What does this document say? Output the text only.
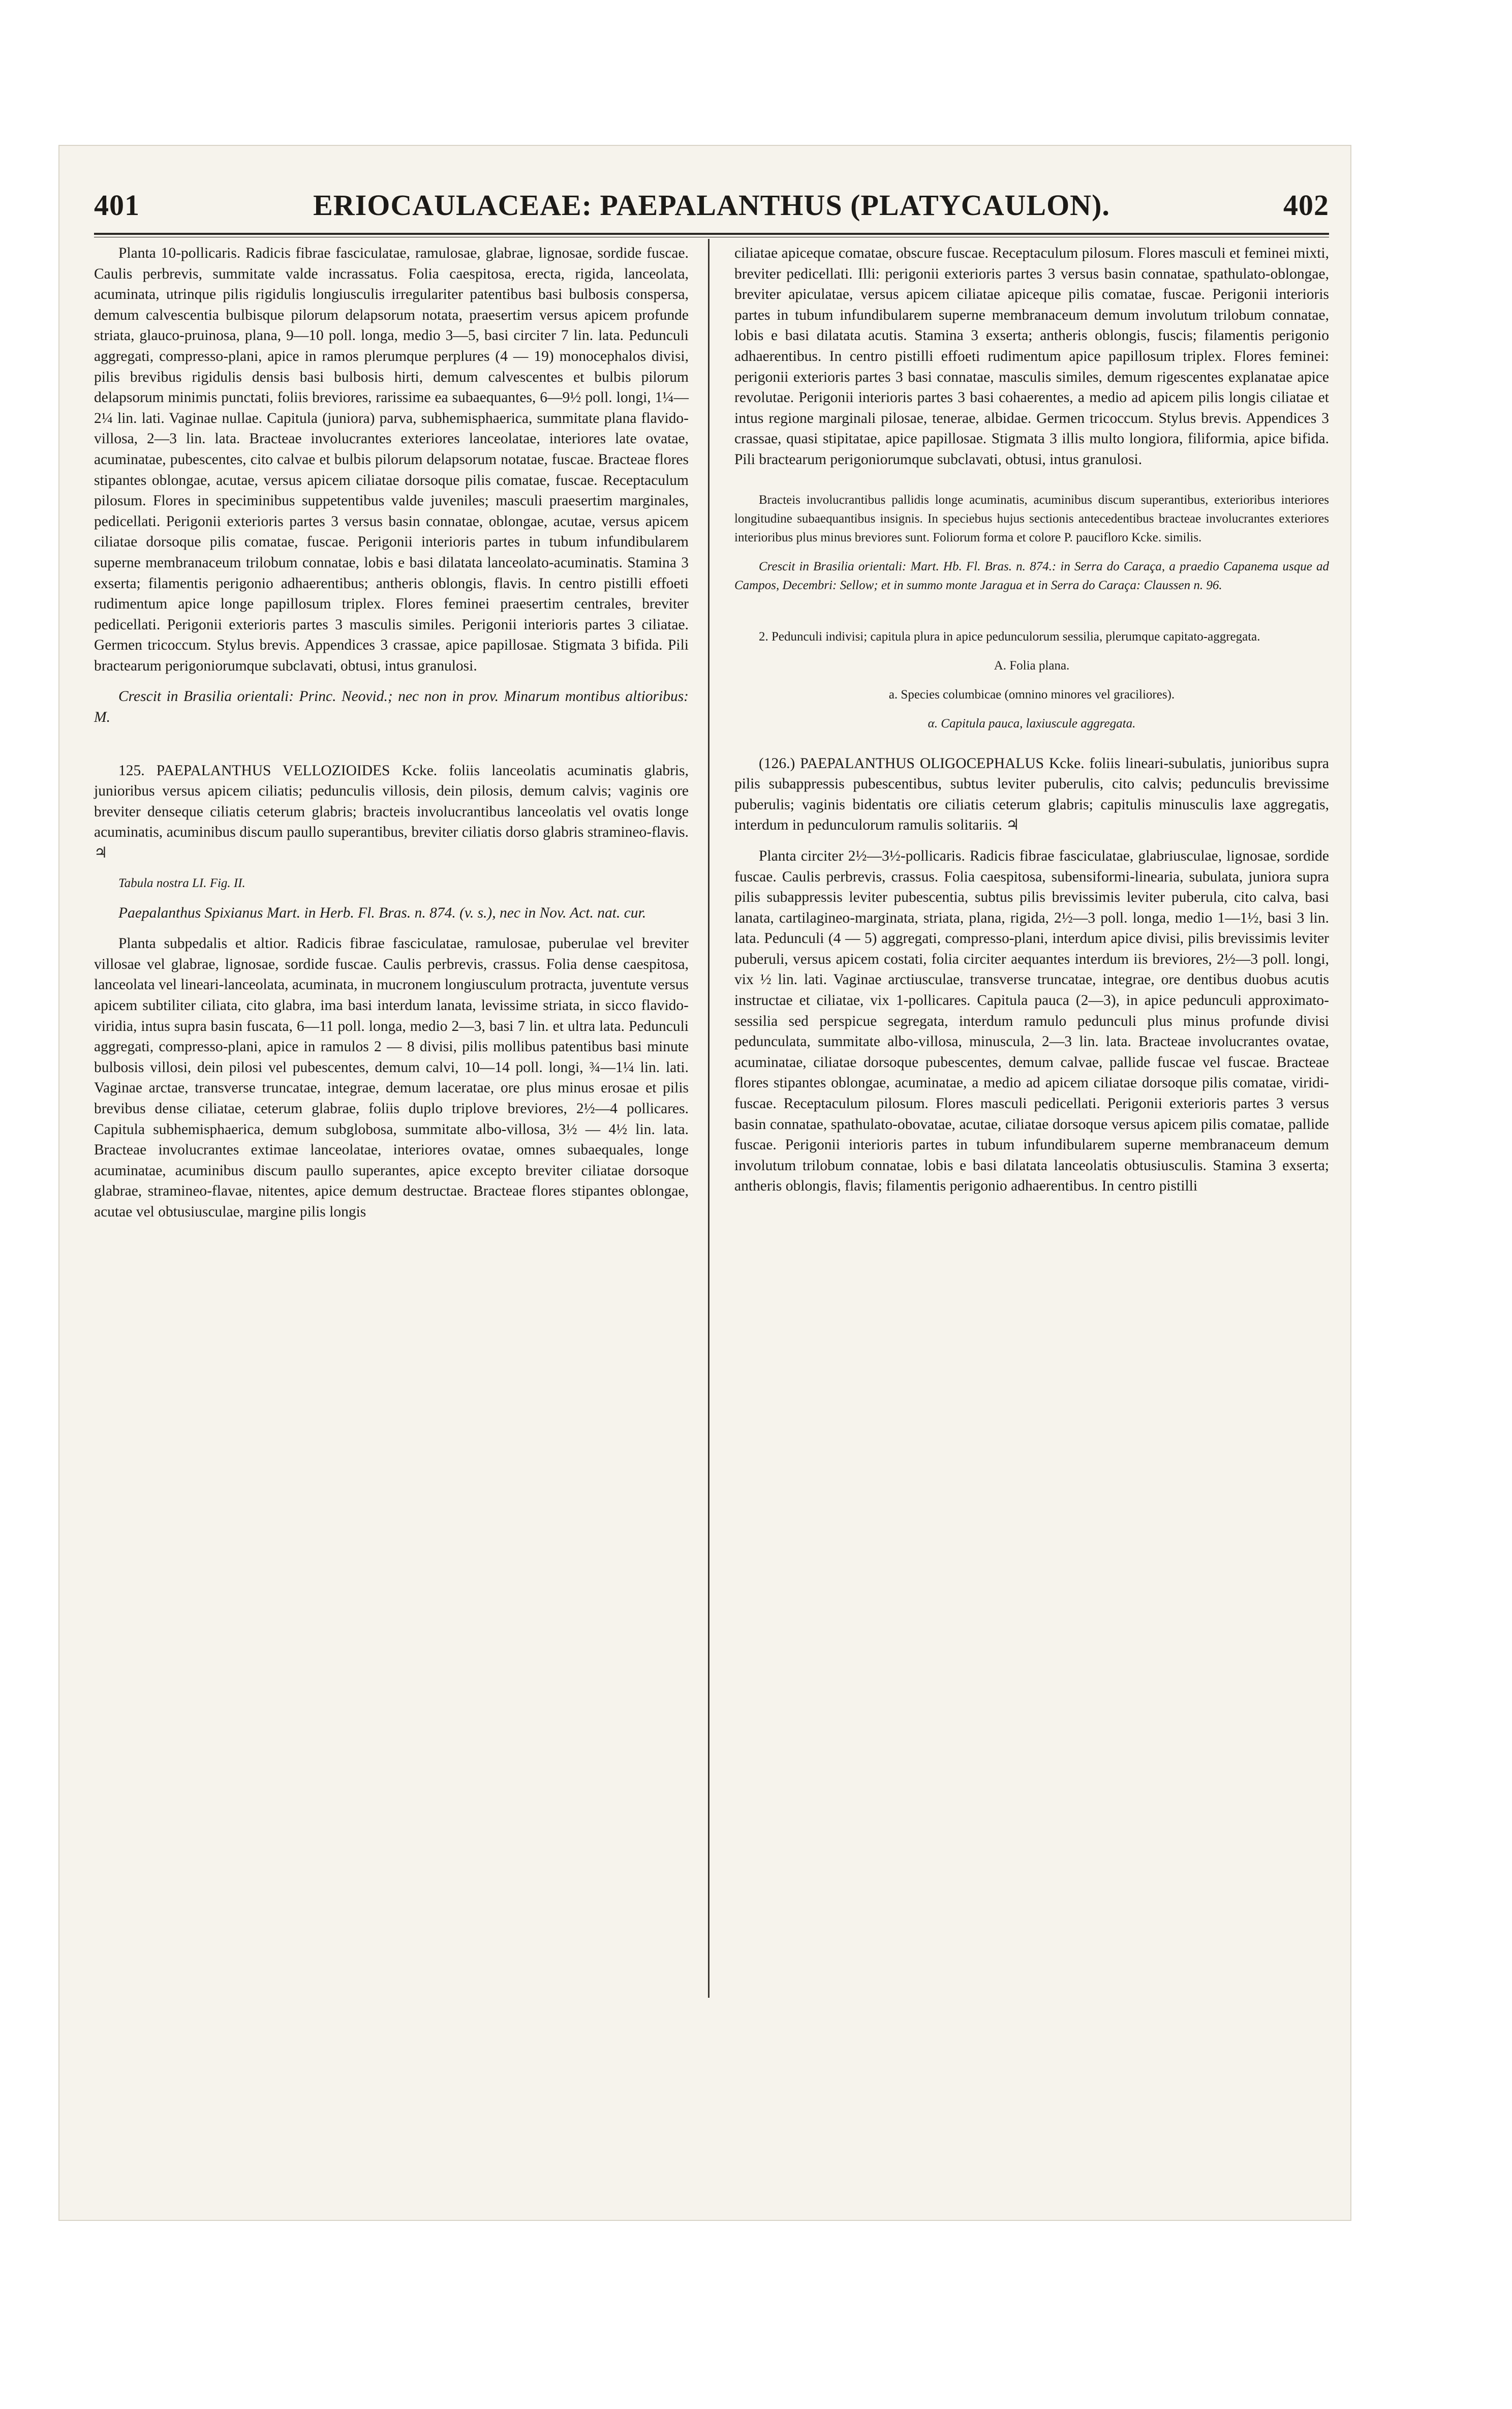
401	ERIOCAULACEAE: PAEPALANTHUS (PLATYCAULON).	402

Planta 10-pollicaris. Radicis fibrae fasciculatae, ramulosae, glabrae, lignosae, sordide fuscae. Caulis perbrevis, summitate valde incrassatus. Folia caespitosa, erecta, rigida, lanceolata, acuminata, utrinque pilis rigidulis longiusculis irregulariter patentibus basi bulbosis conspersa, demum calvescentia bulbisque pilorum delapsorum notata, praesertim versus apicem profunde striata, glauco-pruinosa, plana, 9—10 poll. longa, medio 3—5, basi circiter 7 lin. lata. Pedunculi aggregati, compresso-plani, apice in ramos plerumque perplures (4 — 19) monocephalos divisi, pilis brevibus rigidulis densis basi bulbosis hirti, demum calvescentes et bulbis pilorum delapsorum minimis punctati, foliis breviores, rarissime ea subaequantes, 6—9½ poll. longi, 1¼—2¼ lin. lati. Vaginae nullae. Capitula (juniora) parva, subhemisphaerica, summitate plana flavido-villosa, 2—3 lin. lata. Bracteae involucrantes exteriores lanceolatae, interiores late ovatae, acuminatae, pubescentes, cito calvae et bulbis pilorum delapsorum notatae, fuscae. Bracteae flores stipantes oblongae, acutae, versus apicem ciliatae dorsoque pilis comatae, fuscae. Receptaculum pilosum. Flores in speciminibus suppetentibus valde juveniles; masculi praesertim marginales, pedicellati. Perigonii exterioris partes 3 versus basin connatae, oblongae, acutae, versus apicem ciliatae dorsoque pilis comatae, fuscae. Perigonii interioris partes in tubum infundibularem superne membranaceum trilobum connatae, lobis e basi dilatata lanceolato-acuminatis. Stamina 3 exserta; filamentis perigonio adhaerentibus; antheris oblongis, flavis. In centro pistilli effoeti rudimentum apice longe papillosum triplex. Flores feminei praesertim centrales, breviter pedicellati. Perigonii exterioris partes 3 masculis similes. Perigonii interioris partes 3 ciliatae. Germen tricoccum. Stylus brevis. Appendices 3 crassae, apice papillosae. Stigmata 3 bifida. Pili bractearum perigoniorumque subclavati, obtusi, intus granulosi.

Crescit in Brasilia orientali: Princ. Neovid.; nec non in prov. Minarum montibus altioribus: M.

125. PAEPALANTHUS VELLOZIOIDES Kcke. foliis lanceolatis acuminatis glabris, junioribus versus apicem ciliatis; pedunculis villosis, dein pilosis, demum calvis; vaginis ore breviter denseque ciliatis ceterum glabris; bracteis involucrantibus lanceolatis vel ovatis longe acuminatis, acuminibus discum paullo superantibus, breviter ciliatis dorso glabris stramineo-flavis. ♃

Tabula nostra LI. Fig. II.

Paepalanthus Spixianus Mart. in Herb. Fl. Bras. n. 874. (v. s.), nec in Nov. Act. nat. cur.

Planta subpedalis et altior. Radicis fibrae fasciculatae, ramulosae, puberulae vel breviter villosae vel glabrae, lignosae, sordide fuscae. Caulis perbrevis, crassus. Folia dense caespitosa, lanceolata vel lineari-lanceolata, acuminata, in mucronem longiusculum protracta, juventute versus apicem subtiliter ciliata, cito glabra, ima basi interdum lanata, levissime striata, in sicco flavido-viridia, intus supra basin fuscata, 6—11 poll. longa, medio 2—3, basi 7 lin. et ultra lata. Pedunculi aggregati, compresso-plani, apice in ramulos 2 — 8 divisi, pilis mollibus patentibus basi minute bulbosis villosi, dein pilosi vel pubescentes, demum calvi, 10—14 poll. longi, ¾—1¼ lin. lati. Vaginae arctae, transverse truncatae, integrae, demum laceratae, ore plus minus erosae et pilis brevibus dense ciliatae, ceterum glabrae, foliis duplo triplove breviores, 2½—4 pollicares. Capitula subhemisphaerica, demum subglobosa, summitate albo-villosa, 3½ — 4½ lin. lata. Bracteae involucrantes extimae lanceolatae, interiores ovatae, omnes subaequales, longe acuminatae, acuminibus discum paullo superantes, apice excepto breviter ciliatae dorsoque glabrae, stramineo-flavae, nitentes, apice demum destructae. Bracteae flores stipantes oblongae, acutae vel obtusiusculae, margine pilis longis

ciliatae apiceque comatae, obscure fuscae. Receptaculum pilosum. Flores masculi et feminei mixti, breviter pedicellati. Illi: perigonii exterioris partes 3 versus basin connatae, spathulato-oblongae, breviter apiculatae, versus apicem ciliatae apiceque pilis comatae, fuscae. Perigonii interioris partes in tubum infundibularem superne membranaceum demum involutum trilobum connatae, lobis e basi dilatata acutis. Stamina 3 exserta; antheris oblongis, fuscis; filamentis perigonio adhaerentibus. In centro pistilli effoeti rudimentum apice papillosum triplex. Flores feminei: perigonii exterioris partes 3 basi connatae, masculis similes, demum rigescentes explanatae apice revolutae. Perigonii interioris partes 3 basi cohaerentes, a medio ad apicem pilis longis ciliatae et intus regione marginali pilosae, tenerae, albidae. Germen tricoccum. Stylus brevis. Appendices 3 crassae, quasi stipitatae, apice papillosae. Stigmata 3 illis multo longiora, filiformia, apice bifida. Pili bractearum perigoniorumque subclavati, obtusi, intus granulosi.

Bracteis involucrantibus pallidis longe acuminatis, acuminibus discum superantibus, exterioribus interiores longitudine subaequantibus insignis. In speciebus hujus sectionis antecedentibus bracteae involucrantes exteriores interioribus plus minus breviores sunt. Foliorum forma et colore P. paucifloro Kcke. similis.

Crescit in Brasilia orientali: Mart. Hb. Fl. Bras. n. 874.: in Serra do Caraça, a praedio Capanema usque ad Campos, Decembri: Sellow; et in summo monte Jaragua et in Serra do Caraça: Claussen n. 96.

2. Pedunculi indivisi; capitula plura in apice pedunculorum sessilia, plerumque capitato-aggregata.

A. Folia plana.

a. Species columbicae (omnino minores vel graciliores).

α. Capitula pauca, laxiuscule aggregata.

(126.) PAEPALANTHUS OLIGOCEPHALUS Kcke. foliis lineari-subulatis, junioribus supra pilis subappressis pubescentibus, subtus leviter puberulis, cito calvis; pedunculis brevissime puberulis; vaginis bidentatis ore ciliatis ceterum glabris; capitulis minusculis laxe aggregatis, interdum in pedunculorum ramulis solitariis. ♃

Planta circiter 2½—3½-pollicaris. Radicis fibrae fasciculatae, glabriusculae, lignosae, sordide fuscae. Caulis perbrevis, crassus. Folia caespitosa, subensiformi-linearia, subulata, juniora supra pilis subappressis leviter pubescentia, subtus pilis brevissimis leviter puberula, cito calva, basi lanata, cartilagineo-marginata, striata, plana, rigida, 2½—3 poll. longa, medio 1—1½, basi 3 lin. lata. Pedunculi (4 — 5) aggregati, compresso-plani, interdum apice divisi, pilis brevissimis leviter puberuli, versus apicem costati, folia circiter aequantes interdum iis breviores, 2½—3 poll. longi, vix ½ lin. lati. Vaginae arctiusculae, transverse truncatae, integrae, ore dentibus duobus acutis instructae et ciliatae, vix 1-pollicares. Capitula pauca (2—3), in apice pedunculi approximato-sessilia sed perspicue segregata, interdum ramulo pedunculi plus minus profunde divisi pedunculata, summitate albo-villosa, minuscula, 2—3 lin. lata. Bracteae involucrantes ovatae, acuminatae, ciliatae dorsoque pubescentes, demum calvae, pallide fuscae vel fuscae. Bracteae flores stipantes oblongae, acuminatae, a medio ad apicem ciliatae dorsoque pilis comatae, viridi-fuscae. Receptaculum pilosum. Flores masculi pedicellati. Perigonii exterioris partes 3 versus basin connatae, spathulato-obovatae, acutae, ciliatae dorsoque versus apicem pilis comatae, pallide fuscae. Perigonii interioris partes in tubum infundibularem superne membranaceum demum involutum trilobum connatae, lobis e basi dilatata lanceolatis obtusiusculis. Stamina 3 exserta; antheris oblongis, flavis; filamentis perigonio adhaerentibus. In centro pistilli
